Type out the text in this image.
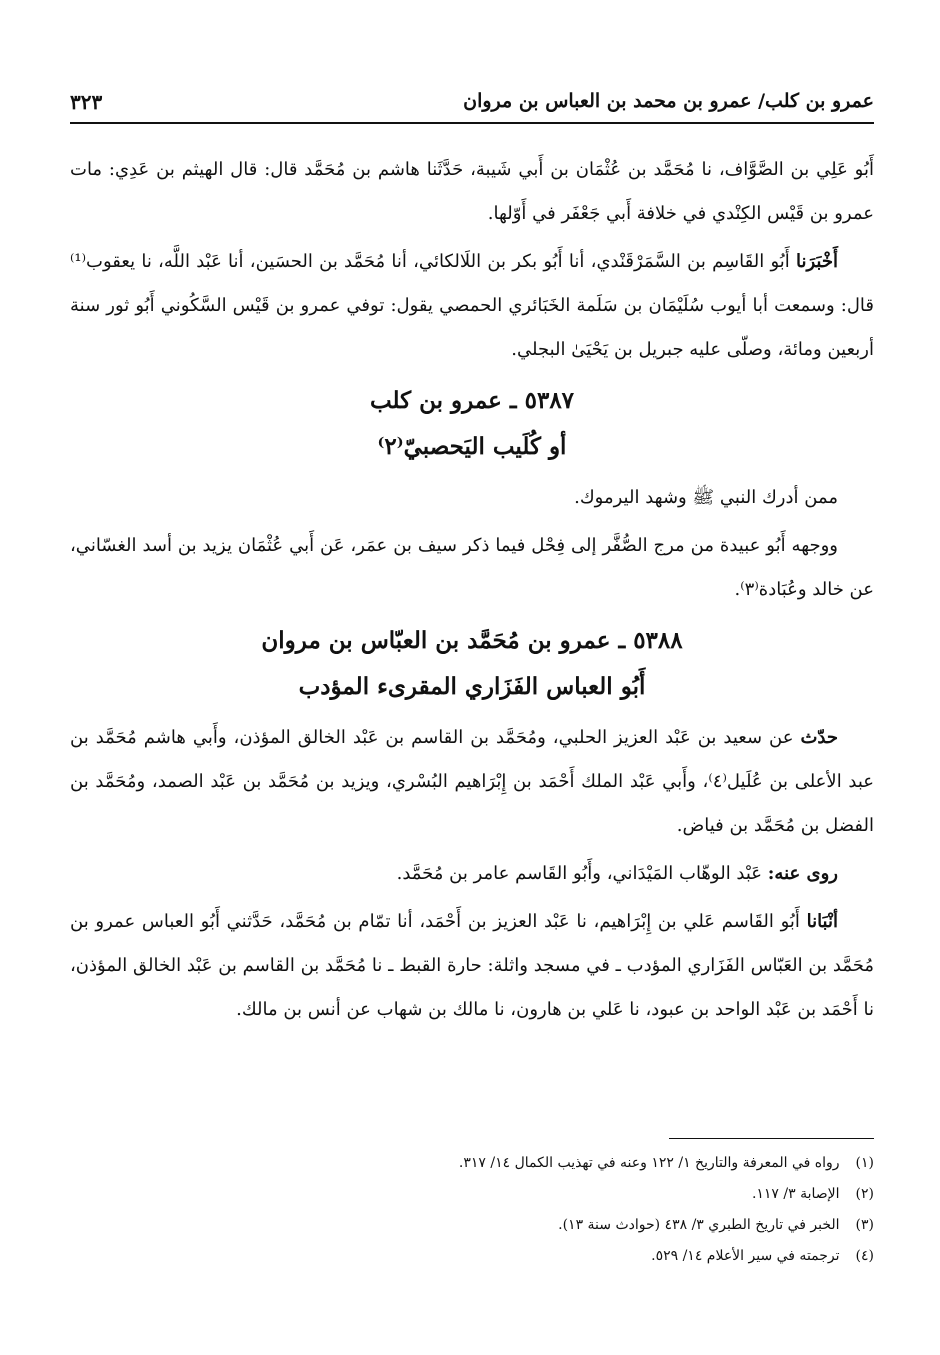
عمرو بن كلب/ عمرو بن محمد بن العباس بن مروان
٣٢٣

أَبُو عَلِي بن الصَّوَّاف، نا مُحَمَّد بن عُثْمَان بن أَبي شَيبة، حَدَّثَنا هاشم بن مُحَمَّد قال: قال الهيثم بن عَدِي: مات عمرو بن قَيْس الكِنْدي في خلافة أَبي جَعْفَر في أَوّلها.

أَخْبَرَنا أَبُو القَاسِم بن السَّمَرْقَنْدي، أنا أَبُو بكر بن اللَالكائي، أنا مُحَمَّد بن الحسَين، أنا عَبْد اللَّه، نا يعقوب⁽¹⁾ قال: وسمعت أبا أيوب سُلَيْمَان بن سَلَمة الخَبَائري الحمصي يقول: توفي عمرو بن قَيْس السَّكُوني أَبُو ثور سنة أربعين ومائة، وصلّى عليه جبريل بن يَحْيَىٰ البجلي.

٥٣٨٧ ـ عمرو بن كلب

أو كُلَيب اليَحصبيّ⁽٢⁾

ممن أدرك النبي ﷺ وشهد اليرموك.

ووجهه أَبُو عبيدة من مرج الصُّفَّر إلى فِحْل فيما ذكر سيف بن عمَر، عَن أَبي عُثْمَان يزيد بن أسد الغسّاني، عن خالد وعُبَادة⁽٣⁾.

٥٣٨٨ ـ عمرو بن مُحَمَّد بن العبّاس بن مروان

أَبُو العباس الفَزَاري المقرىء المؤدب

حدّث عن سعيد بن عَبْد العزيز الحلبي، ومُحَمَّد بن القاسم بن عَبْد الخالق المؤذن، وأَبي هاشم مُحَمَّد بن عبد الأعلى بن عُلَيل⁽٤⁾، وأَبي عَبْد الملك أَحْمَد بن إِبْرَاهيم البُسْري، ويزيد بن مُحَمَّد بن عَبْد الصمد، ومُحَمَّد بن الفضل بن مُحَمَّد بن فياض.

روى عنه: عَبْد الوهّاب المَيْدَاني، وأَبُو القَاسم عامر بن مُحَمَّد.

أنْبَانا أَبُو القَاسم عَلي بن إِبْرَاهيم، نا عَبْد العزيز بن أَحْمَد، أنا تمّام بن مُحَمَّد، حَدَّثني أَبُو العباس عمرو بن مُحَمَّد بن العَبّاس الفَزَاري المؤدب ـ في مسجد واثلة: حارة القبط ـ نا مُحَمَّد بن القاسم بن عَبْد الخالق المؤذن، نا أَحْمَد بن عَبْد الواحد بن عبود، نا عَلي بن هارون، نا مالك بن شهاب عن أنس بن مالك.

(١) رواه في المعرفة والتاريخ ١/ ١٢٢ وعنه في تهذيب الكمال ١٤/ ٣١٧.
(٢) الإصابة ٣/ ١١٧.
(٣) الخبر في تاريخ الطبري ٣/ ٤٣٨ (حوادث سنة ١٣).
(٤) ترجمته في سير الأعلام ١٤/ ٥٢٩.
